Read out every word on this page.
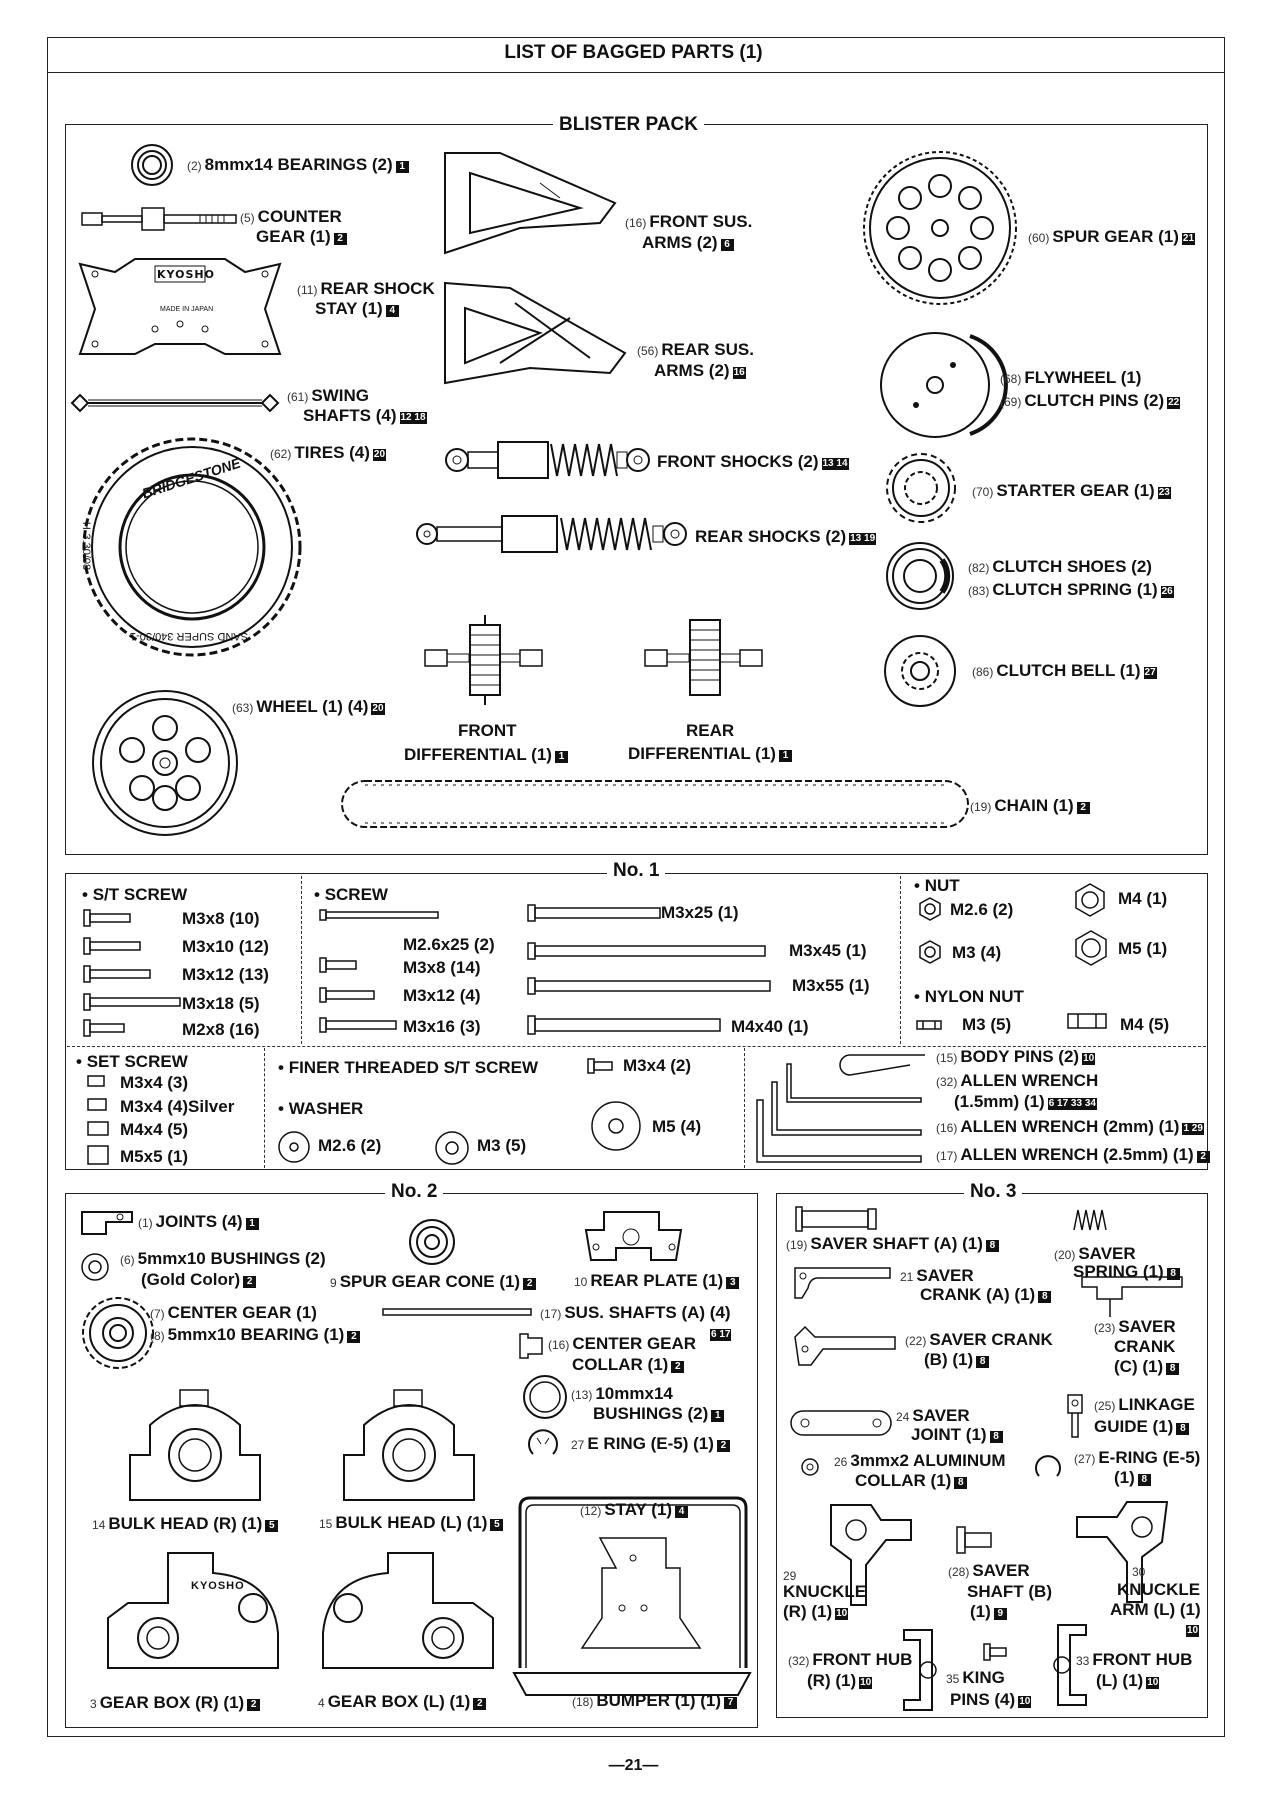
LIST OF BAGGED PARTS (1)
BLISTER PACK
(2) 8mmx14 BEARINGS (2) 1
(5) COUNTER
GEAR (1) 2
KYOSHO
MADE IN JAPAN
(11) REAR SHOCK
STAY (1) 4
(61) SWING
SHAFTS (4) 12 18
(16) FRONT SUS.
ARMS (2) 6
(56) REAR SUS.
ARMS (2) 16
(60) SPUR GEAR (1) 21
(68) FLYWHEEL (1)
(69) CLUTCH PINS (2) 22
BRIDGESTONE
SAND SUPER 340/30-1
H-3.30/08
(62) TIRES (4) 20	FRONT SHOCKS (2) 13 14
REAR SHOCKS (2) 13 19
(70) STARTER GEAR (1) 23
(82) CLUTCH SHOES (2)
(83) CLUTCH SPRING (1) 26
(86) CLUTCH BELL (1) 27
(63) WHEEL (1) (4) 20
FRONT
DIFFERENTIAL (1) 1
REAR
DIFFERENTIAL (1) 1
(19) CHAIN (1) 2
No. 1
• S/T SCREW
M3x8 (10)
M3x10 (12)
M3x12 (13)
M3x18 (5)
M2x8 (16)
• SCREW
M2.6x25 (2)
M3x8 (14)
M3x12 (4)
M3x16 (3)
M3x25 (1)
M3x45 (1)
M3x55 (1)
M4x40 (1)
• NUT
M2.6 (2)
M3 (4)
M4 (1)
M5 (1)
• NYLON NUT
M3 (5)	M4 (5)
• SET SCREW
M3x4 (3)
M3x4 (4)Silver
M4x4 (5)
M5x5 (1)
• FINER THREADED S/T SCREW	M3x4 (2)
• WASHER
M2.6 (2)	M3 (5)
M5 (4)
(15) BODY PINS (2) 10
(32) ALLEN WRENCH
(1.5mm) (1) 6 17 33 34
(16) ALLEN WRENCH (2mm) (1) 1 29
(17) ALLEN WRENCH (2.5mm) (1) 2
No. 2
(1) JOINTS (4) 1
(6) 5mmx10 BUSHINGS (2)
(Gold Color) 2	9 SPUR GEAR CONE (1) 2	10 REAR PLATE (1) 3
(7) CENTER GEAR (1)
(8) 5mmx10 BEARING (1) 2
(17) SUS. SHAFTS (A) (4)
6 17
(16) CENTER GEAR
COLLAR (1) 2
(13) 10mmx14
BUSHINGS (2) 1
27 E RING (E-5) (1) 2
14 BULK HEAD (R) (1) 5	15 BULK HEAD (L) (1) 5
(12) STAY (1) 4
KYOSHO
3 GEAR BOX (R) (1) 2	4 GEAR BOX (L) (1) 2	(18) BUMPER (1) (1) 7
No. 3
(19) SAVER SHAFT (A) (1) 8
(20) SAVER
SPRING (1) 8
21 SAVER
CRANK (A) (1) 8
(22) SAVER CRANK
(B) (1) 8
(23) SAVER
CRANK
(C) (1) 8
24 SAVER
JOINT (1) 8
(25) LINKAGE
GUIDE (1) 8
26 3mmx2 ALUMINUM
COLLAR (1) 8
(27) E-RING (E-5)
(1) 8
29
KNUCKLE
(R) (1) 10
(28) SAVER
SHAFT (B)
(1) 9
30
KNUCKLE
ARM (L) (1)
10
(32) FRONT HUB
(R) (1) 10	35 KING
PINS (4) 10
33 FRONT HUB
(L) (1) 10
—21—
